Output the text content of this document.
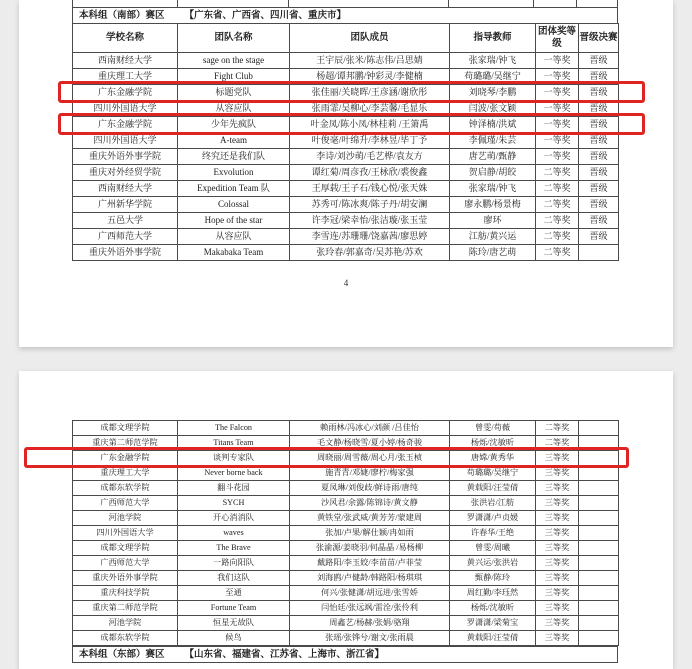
本科组（南部）赛区 【广东省、广西省、四川省、重庆市】
学校名称	团队名称	团队成员	指导教师	团体奖等级	晋级决赛
西南财经大学	sage on the stage	王宇辰/张米/陈志伟/吕思婧	张家瑞/钟飞	一等奖	晋级
重庆理工大学	Fight Club	杨超/谭邦鹏/钟彩灵/李健楠	苟璐璐/吴继宁	一等奖	晋级
广东金融学院	标题党队	张佳丽/关晓晖/王彦涵/谢欣彤	刘晓琴/李鹏	一等奖	晋级
四川外国语大学	从容应队	张雨霏/吴柳心/李芸馨/毛显乐	闫波/张文颖	一等奖	晋级
广东金融学院	少年先疯队	叶金凤/陈小凤/林桂莉 /王箫禹	钟泽楠/洪斌	一等奖	晋级
四川外国语大学	A-team	叶俊毫/叶绵升/李林昱/毕丁予	李佩瑾/朱芸	一等奖	晋级
重庆外语外事学院	终究还是我们队	李诗/刘沙萌/毛艺桦/袁友方	唐艺萌/甄静	一等奖	晋级
重庆对外经贸学院	Exvolution	谭红菊/周彦孜/王栐欣/裘俊鑫	贺启静/胡皎	二等奖	晋级
西南财经大学	Expedition Team 队	王厚载/王子石/钱心悦/张天姝	张家瑞/钟飞	二等奖	晋级
广州新华学院	Colossal	苏秀可/陈冰爽/陈子丹/胡安澜	廖永鹏/杨景梅	二等奖	晋级
五邑大学	Hope of the star	许李冠/梁幸怡/张洁璇/张玉莹	廖环	二等奖	晋级
广西师范大学	从容应队	李雪连/苏珊珊/饶嘉茜/廖思婷	江舫/黄兴运	二等奖	晋级
重庆外语外事学院	Makabaka Team	张玲春/郭嘉奇/吴苏艳/苏欢	陈玲/唐艺萌	二等奖	
4
成都文理学院	The Falcon	赖雨林/冯冰心/刘颜 /吕佳怡	曾雯/苟薇	二等奖	
重庆第二师范学院	Titans Team	毛文静/杨晓雪/夏小婷/杨奇骏	杨烁/沈敏昕	二等奖	
广东金融学院	谈判专家队	周晓丽/周雪薇/周心月/张玉桢	唐嫦/黄秀华	三等奖	
重庆理工大学	Never borne back	施青青/邓婕/廖柠/梅家强	苟璐璐/吴继宁	三等奖	
成都东软学院	翻斗花园	夏凤琳/刘俊歧/鲜诗雨/唐纯	黄载阳/汪莹倩	三等奖	
广西师范大学	SYCH	沙风君/余露/陈锦诗/黄文静	张洪岩/江舫	三等奖	
河池学院	开心消消队	黄铁堂/张武威/黄芳芳/蒙建周	罗潇潇/卢贞媛	三等奖	
四川外国语大学	waves	张加/卢果/解仕颖/冉如雨	许春华/王绝	三等奖	
成都文理学院	The Brave	张渝源/姜晓羽/何晶晶 /易杨柳	曾雯/周曦	三等奖	
广西师范大学	一路向阳队	戴路阳/李玉姣/李苗苗/卢菲莹	黄兴运/张洪岩	三等奖	
重庆外语外事学院	我们这队	刘海鸥/卢健龄/韩路阳/杨琪琪	甄静/陈玲	三等奖	
重庆科技学院	至通	何兴/张健潇/胡远进/张雪娇	周红勤/李珏然	三等奖	
重庆第二师范学院	Fortune Team	闫怡廷/张远飒/雷洤/张伶利	杨烁/沈敏昕	三等奖	
河池学院	恒星无故队	周鑫艺/杨赫/张娟/骆翔	罗潇潇/梁菊宝	三等奖	
成都东软学院	候鸟	张瑶/张铧兮/谢文/张雨晨	黄载阳/汪莹倩	三等奖	
本科组（东部）赛区 【山东省、福建省、江苏省、上海市、浙江省】
